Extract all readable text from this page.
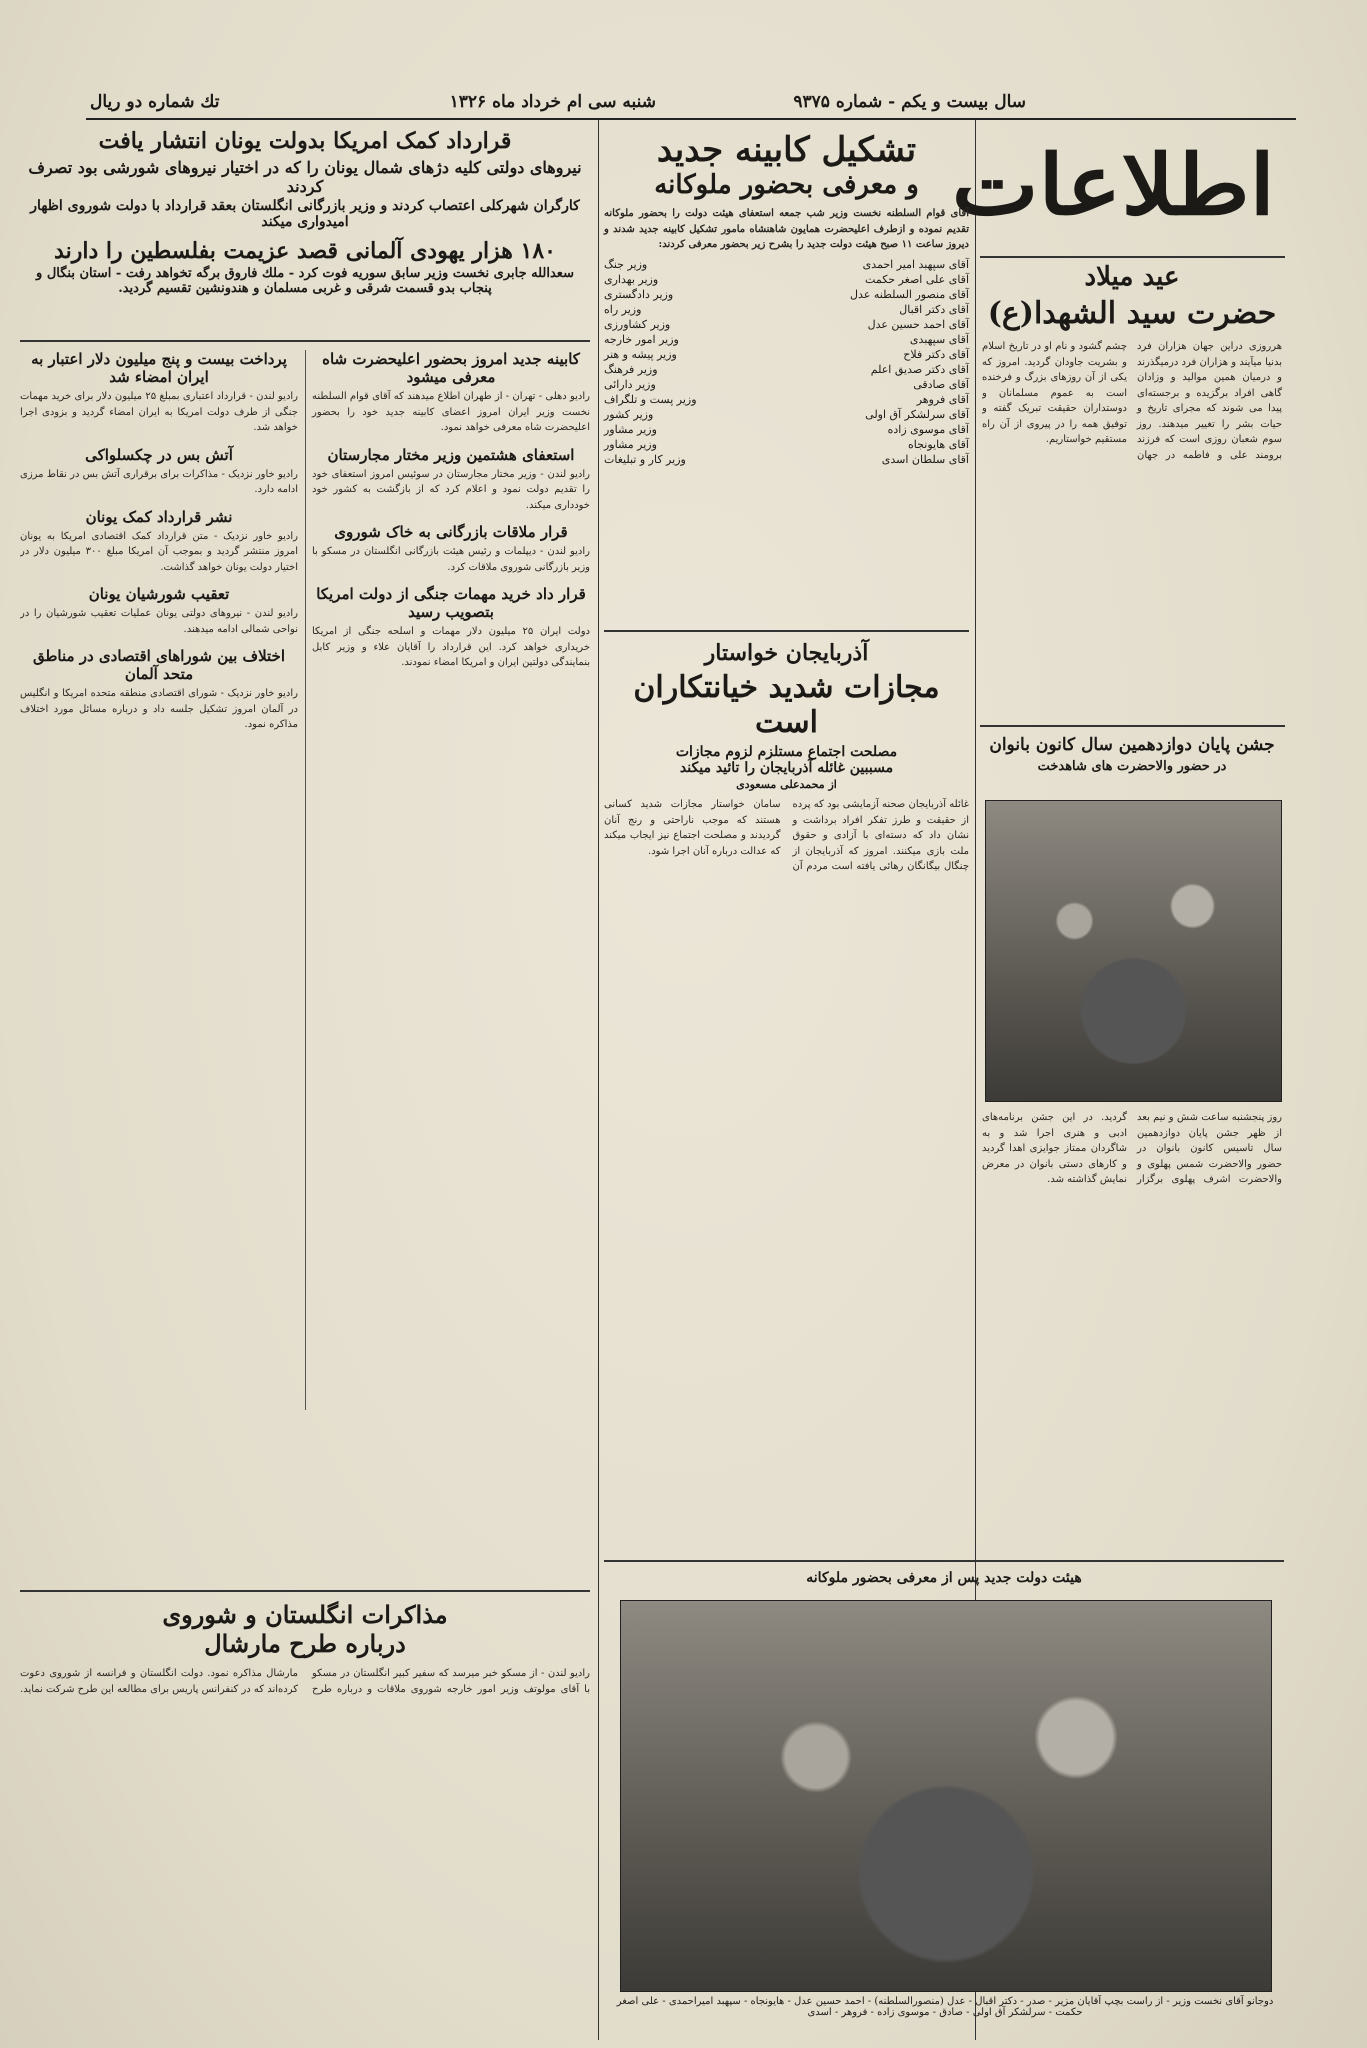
سال بیست و یکم - شماره ۹۳۷۵
شنبه سی ام خرداد ماه ۱۳۲۶
تك شماره دو ریال
اطلاعات
عید میلاد
حضرت سید الشهدا(ع)
هرروزی دراین جهان هزاران فرد بدنیا میآیند و هزاران فرد درمیگذرند و درمیان همین موالید و وزادان گاهی افراد برگزیده و برجسته‌ای پیدا می شوند که مجرای تاریخ و حیات بشر را تغییر میدهند. روز سوم شعبان روزی است که فرزند برومند علی و فاطمه در جهان چشم گشود و نام او در تاریخ اسلام و بشریت جاودان گردید. امروز که یکی از آن روزهای بزرگ و فرخنده است به عموم مسلمانان و دوستداران حقیقت تبریک گفته و توفیق همه را در پیروی از آن راه مستقیم خواستاریم.
تشکیل کابینه جدید
و معرفی بحضور ملوکانه
آقای قوام السلطنه نخست وزیر شب جمعه استعفای هیئت دولت را بحضور ملوکانه تقدیم نموده و ازطرف اعلیحضرت همایون شاهنشاه مامور تشکیل کابینه جدید شدند و دیروز ساعت ۱۱ صبح هیئت دولت جدید را بشرح زیر بحضور معرفی کردند:
آقای سپهبد امیر احمدی
وزیر جنگ
آقای علی اصغر حکمت
وزیر بهداری
آقای منصور السلطنه عدل
وزیر دادگستری
آقای دکتر اقبال
وزیر راه
آقای احمد حسین عدل
وزیر کشاورزی
آقای سپهبدی
وزیر امور خارجه
آقای دکتر فلاح
وزیر پیشه و هنر
آقای دکتر صدیق اعلم
وزیر فرهنگ
آقای صادقی
وزیر دارائی
آقای فروهر
وزیر پست و تلگراف
آقای سرلشکر آق اولی
وزیر کشور
آقای موسوی زاده
وزیر مشاور
آقای هایونجاه
وزیر مشاور
آقای سلطان اسدی
وزیر کار و تبلیغات
آذربایجان خواستار
مجازات شدید خیانتکاران است
مصلحت اجتماع مستلزم لزوم مجازات
مسببین غائله آذربایجان را تائید میکند
از محمدعلی مسعودی
غائله آذربایجان صحنه آزمایشی بود که پرده از حقیقت و طرز تفکر افراد برداشت و نشان داد که دسته‌ای با آزادی و حقوق ملت بازی میکنند. امروز که آذربایجان از چنگال بیگانگان رهائی یافته است مردم آن سامان خواستار مجازات شدید کسانی هستند که موجب ناراحتی و رنج آنان گردیدند و مصلحت اجتماع نیز ایجاب میکند که عدالت درباره آنان اجرا شود.
جشن پایان دوازدهمین سال کانون بانوان
در حضور والاحضرت های شاهدخت
روز پنجشنبه ساعت شش و نیم بعد از ظهر جشن پایان دوازدهمین سال تاسیس کانون بانوان در حضور والاحضرت شمس پهلوی و والاحضرت اشرف پهلوی برگزار گردید. در این جشن برنامه‌های ادبی و هنری اجرا شد و به شاگردان ممتاز جوایزی اهدا گردید و کارهای دستی بانوان در معرض نمایش گذاشته شد.
هیئت دولت جدید پس از معرفی بحضور ملوکانه
دوجانو آقای نخست وزیر - از راست بچپ آقایان مزیر - صدر - دکتر اقبال - عدل (منصورالسلطنه) - احمد حسین عدل - هایونجاه - سپهبد امیراحمدی - علی اصغر حکمت - سرلشکر آق اولی - صادق - موسوی زاده - فروهر - اسدی
قرارداد کمک امریکا بدولت یونان انتشار یافت
نیروهای دولتی کلیه دژهای شمال یونان را که در اختیار نیروهای شورشی بود تصرف کردند
کارگران شهرکلی اعتصاب کردند و وزیر بازرگانی انگلستان بعقد قرارداد با دولت شوروی اظهار امیدواری میکند
۱۸۰ هزار یهودی آلمانی قصد عزیمت بفلسطین را دارند
سعدالله جابری نخست وزیر سابق سوریه فوت کرد - ملك فاروق برگه تخواهد رفت - استان بنگال و پنجاب بدو قسمت شرقی و غربی مسلمان و هندونشین تقسیم گردید.
کابینه جدید امروز بحضور اعلیحضرت شاه معرفی میشود
رادیو دهلی - تهران - از طهران اطلاع میدهند که آقای قوام السلطنه نخست وزیر ایران امروز اعضای کابینه جدید خود را بحضور اعلیحضرت شاه معرفی خواهد نمود.
استعفای هشتمین وزیر مختار مجارستان
رادیو لندن - وزیر مختار مجارستان در سوئیس امروز استعفای خود را تقدیم دولت نمود و اعلام کرد که از بازگشت به کشور خود خودداری میکند.
قرار ملاقات بازرگانی به خاک شوروی
رادیو لندن - دیپلمات و رئیس هیئت بازرگانی انگلستان در مسکو با وزیر بازرگانی شوروی ملاقات کرد.
قرار داد خرید مهمات جنگی از دولت امریکا بتصویب رسید
دولت ایران ۲۵ میلیون دلار مهمات و اسلحه جنگی از امریکا خریداری خواهد کرد. این قرارداد را آقایان علاء و وزیر کابل بنمایندگی دولتین ایران و امریکا امضاء نمودند.
پرداخت بیست و پنج میلیون دلار اعتبار به ایران امضاء شد
رادیو لندن - قرارداد اعتباری بمبلغ ۲۵ میلیون دلار برای خرید مهمات جنگی از طرف دولت امریکا به ایران امضاء گردید و بزودی اجرا خواهد شد.
آتش بس در چکسلواکی
رادیو خاور نزدیک - مذاکرات برای برقراری آتش بس در نقاط مرزی ادامه دارد.
نشر قرارداد کمک یونان
رادیو خاور نزدیک - متن قرارداد کمک اقتصادی امریکا به یونان امروز منتشر گردید و بموجب آن امریکا مبلغ ۳۰۰ میلیون دلار در اختیار دولت یونان خواهد گذاشت.
تعقیب شورشیان یونان
رادیو لندن - نیروهای دولتی یونان عملیات تعقیب شورشیان را در نواحی شمالی ادامه میدهند.
اختلاف بین شوراهای اقتصادی در مناطق متحد آلمان
رادیو خاور نزدیک - شورای اقتصادی منطقه متحده امریکا و انگلیس در آلمان امروز تشکیل جلسه داد و درباره مسائل مورد اختلاف مذاکره نمود.
مذاکرات انگلستان و شوروی
درباره طرح مارشال
رادیو لندن - از مسکو خبر میرسد که سفیر کبیر انگلستان در مسکو با آقای مولوتف وزیر امور خارجه شوروی ملاقات و درباره طرح مارشال مذاکره نمود. دولت انگلستان و فرانسه از شوروی دعوت کرده‌اند که در کنفرانس پاریس برای مطالعه این طرح شرکت نماید.
